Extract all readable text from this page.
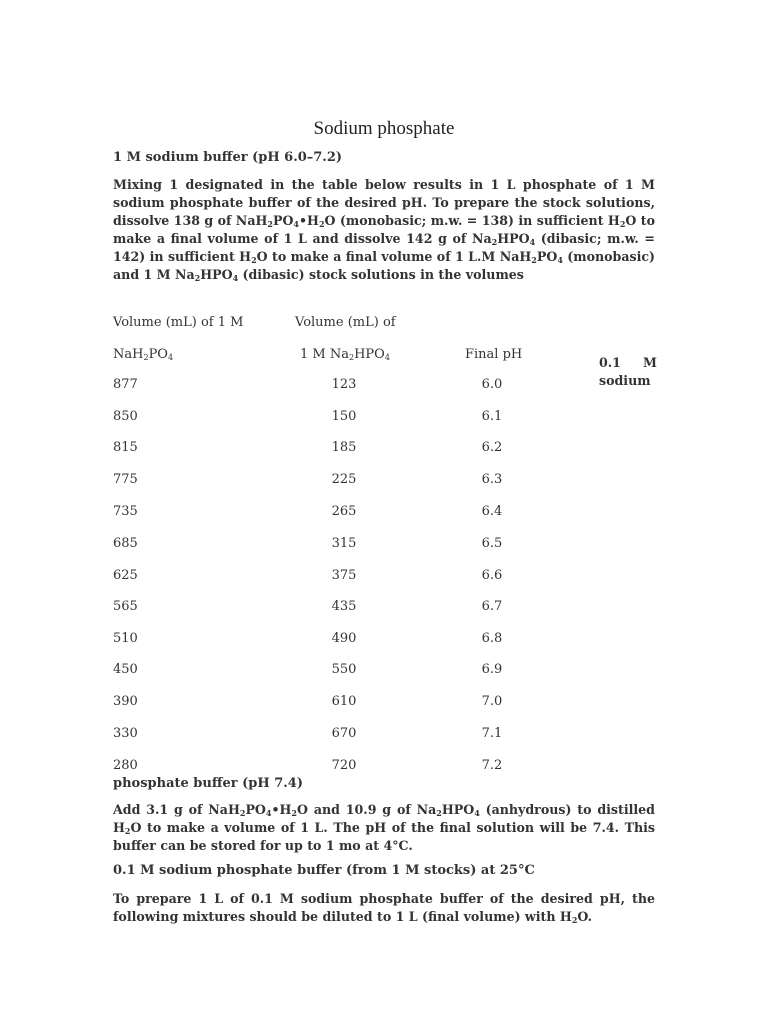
Sodium phosphate
1 M sodium buffer (pH 6.0–7.2)
Mixing 1 designated in the table below results in 1 L phosphate of 1 M sodium phosphate buffer of the desired pH. To prepare the stock solutions, dissolve 138 g of $NaH_2PO_4•H_2O$ (monobasic; m.w. = 138) in sufficient $H_2O$ to make a final volume of 1 L and dissolve 142 g of $Na_2HPO_4$ (dibasic; m.w. = 142) in sufficient $H_2O$ to make a final volume of 1 L.M $NaH_2PO_4$ (monobasic) and 1 M $Na_2HPO_4$ (dibasic) stock solutions in the volumes
Volume (mL) of 1 M	Volume (mL) of
$NaH_2PO_4$	1 M $Na_2HPO_4$	Final pH
0.1 M
sodium
877	123	6.0
850	150	6.1
815	185	6.2
775	225	6.3
735	265	6.4
685	315	6.5
625	375	6.6
565	435	6.7
510	490	6.8
450	550	6.9
390	610	7.0
330	670	7.1
280	720	7.2
phosphate buffer (pH 7.4)
Add 3.1 g of $NaH_2PO_4•H_2O$ and 10.9 g of $Na_2HPO_4$ (anhydrous) to distilled $H_2O$ to make a volume of 1 L. The pH of the final solution will be 7.4. This buffer can be stored for up to 1 mo at 4°C.
0.1 M sodium phosphate buffer (from 1 M stocks) at 25°C
To prepare 1 L of 0.1 M sodium phosphate buffer of the desired pH, the following mixtures should be diluted to 1 L (final volume) with $H_2O$.
